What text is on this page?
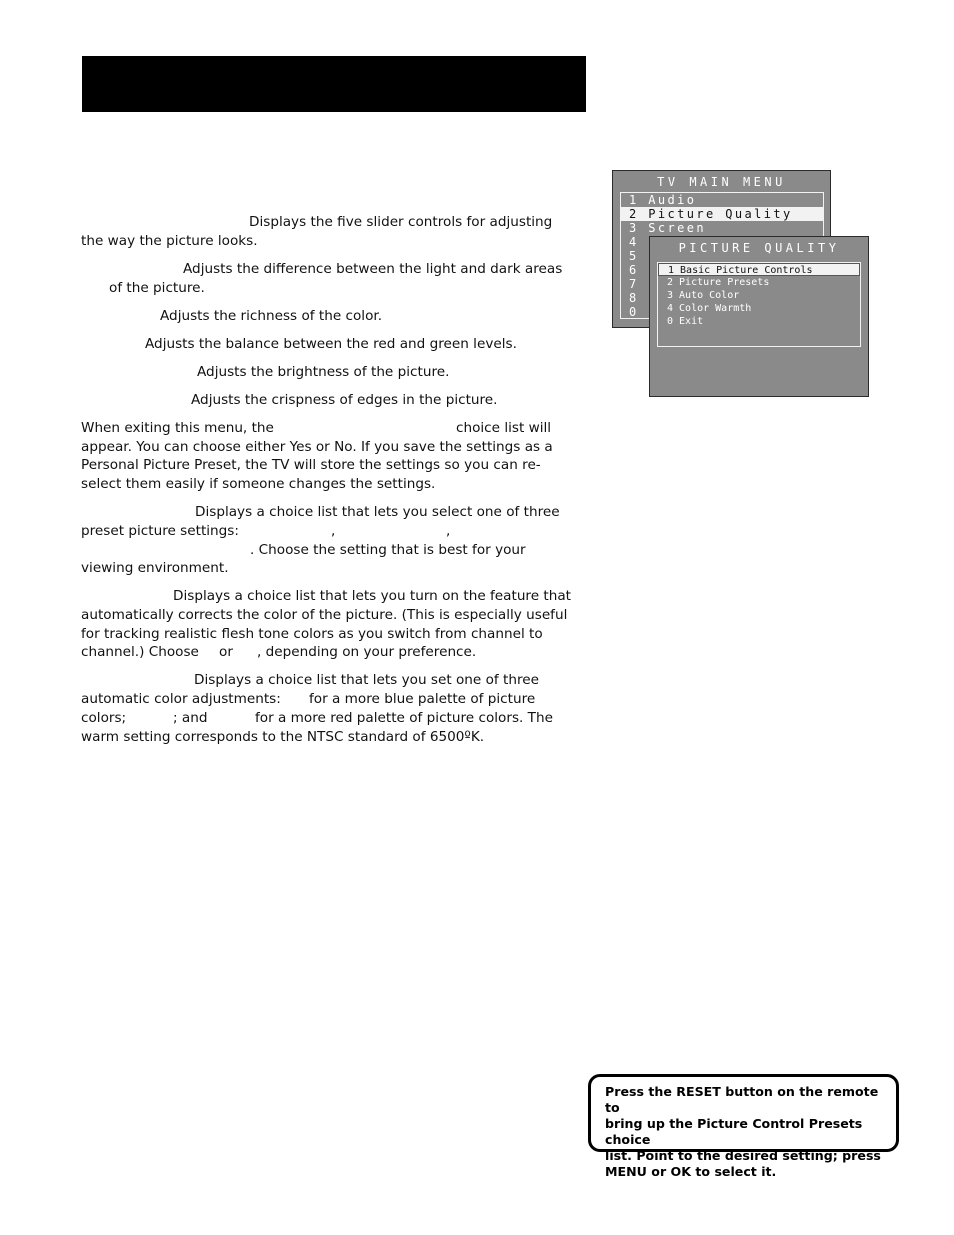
Displays the five slider controls for adjusting

the way the picture looks.

Adjusts the difference between the light and dark areas

of the picture.

Adjusts the richness of the color.

Adjusts the balance between the red and green levels.

Adjusts the brightness of the picture.

Adjusts the crispness of edges in the picture.

When exiting this menu, the	choice list will

appear. You can choose either Yes or No. If you save the settings as a

Personal Picture Preset, the TV will store the settings so you can re-

select them easily if someone changes the settings.

Displays a choice list that lets you select one of three

preset picture settings:	,	,

. Choose the setting that is best for your

viewing environment.

Displays a choice list that lets you turn on the feature that

automatically corrects the color of the picture. (This is especially useful

for tracking realistic flesh tone colors as you switch from channel to

channel.) Choose or , depending on your preference.

Displays a choice list that lets you set one of three

automatic color adjustments: for a more blue palette of picture

colors;	; and	for a more red palette of picture colors. The

warm setting corresponds to the NTSC standard of 6500ºK.

TV MAIN MENU
1 Audio
2 Picture Quality
3 Screen
4
5
6
7
8
0
PICTURE QUALITY
1 Basic Picture Controls
2 Picture Presets
3 Auto Color
4 Color Warmth
0 Exit

Press the RESET button on the remote to
bring up the Picture Control Presets choice
list. Point to the desired setting; press
MENU or OK to select it.
